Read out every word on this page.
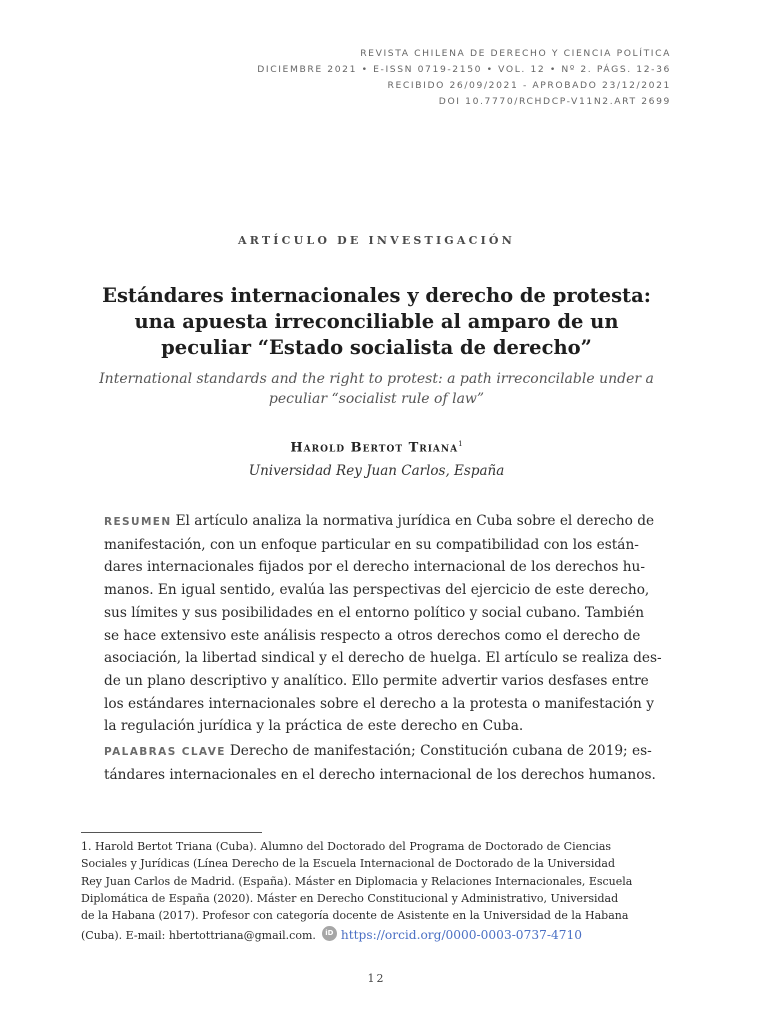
REVISTA CHILENA DE DERECHO Y CIENCIA POLÍTICA
DICIEMBRE 2021 • E-ISSN 0719-2150 • VOL. 12 • Nº 2. PÁGS. 12-36
RECIBIDO 26/09/2021 - APROBADO 23/12/2021
DOI 10.7770/RCHDCP-V11N2.ART 2699
ARTÍCULO DE INVESTIGACIÓN
Estándares internacionales y derecho de protesta:
una apuesta irreconciliable al amparo de un
peculiar “Estado socialista de derecho”
International standards and the right to protest: a path irreconcilable under a
peculiar “socialist rule of law”
Harold Bertot Triana$^1$
Universidad Rey Juan Carlos, España
RESUMEN El artículo analiza la normativa jurídica en Cuba sobre el derecho de
manifestación, con un enfoque particular en su compatibilidad con los están-
dares internacionales fijados por el derecho internacional de los derechos hu-
manos. En igual sentido, evalúa las perspectivas del ejercicio de este derecho,
sus límites y sus posibilidades en el entorno político y social cubano. También
se hace extensivo este análisis respecto a otros derechos como el derecho de
asociación, la libertad sindical y el derecho de huelga. El artículo se realiza des-
de un plano descriptivo y analítico. Ello permite advertir varios desfases entre
los estándares internacionales sobre el derecho a la protesta o manifestación y
la regulación jurídica y la práctica de este derecho en Cuba.
PALABRAS CLAVE Derecho de manifestación; Constitución cubana de 2019; es-
tándares internacionales en el derecho internacional de los derechos humanos.
1. Harold Bertot Triana (Cuba). Alumno del Doctorado del Programa de Doctorado de Ciencias
Sociales y Jurídicas (Línea Derecho de la Escuela Internacional de Doctorado de la Universidad
Rey Juan Carlos de Madrid. (España). Máster en Diplomacia y Relaciones Internacionales, Escuela
Diplomática de España (2020). Máster en Derecho Constitucional y Administrativo, Universidad
de la Habana (2017). Profesor con categoría docente de Asistente en la Universidad de la Habana
(Cuba). E-mail: hbertottriana@gmail.com. iD https://orcid.org/0000-0003-0737-4710
12
